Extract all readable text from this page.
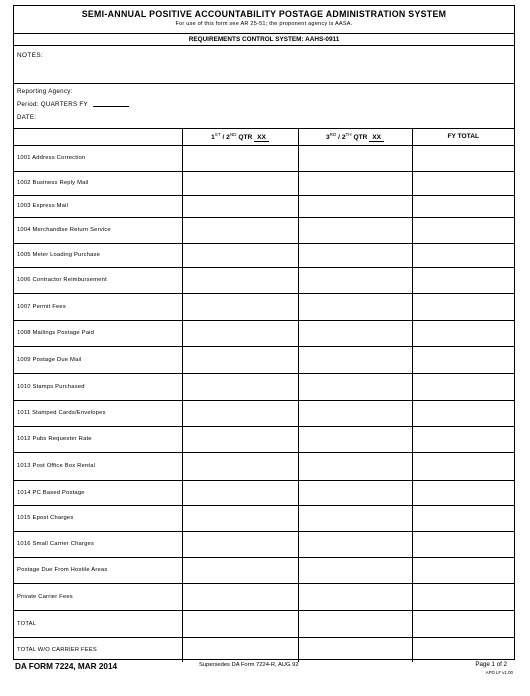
SEMI-ANNUAL POSITIVE ACCOUNTABILITY POSTAGE ADMINISTRATION SYSTEM
For use of this form see AR 25-51; the proponent agency is AASA.
REQUIREMENTS CONTROL SYSTEM: AAHS-0911
NOTES:
Reporting Agency:
Period: QUARTERS FY
DATE:
	1ST / 2ND QTR XX	3RD / 2TH QTR XX	FY TOTAL
1001 Address Correction			
1002 Business Reply Mail			
1003 Express Mail			
1004 Merchandise Return Service			
1005 Meter Loading Purchase			
1006 Contractor Reimbursement			
1007 Permit Fees			
1008 Mailings Postage Paid			
1009 Postage Due Mail			
1010 Stamps Purchased			
1011 Stamped Cards/Envelopes			
1012 Pubs Requester Rate			
1013 Post Office Box Rental			
1014 PC Based Postage			
1015 Epost Charges			
1016 Small Carrier Charges			
Postage Due From Hostile Areas			
Private Carrier Fees			
TOTAL			
TOTAL W/O CARRIER FEES			
DA FORM 7224, MAR 2014	Supersedes DA Form 7224-R, AUG 92	Page 1 of 2
APD LF v1.00
